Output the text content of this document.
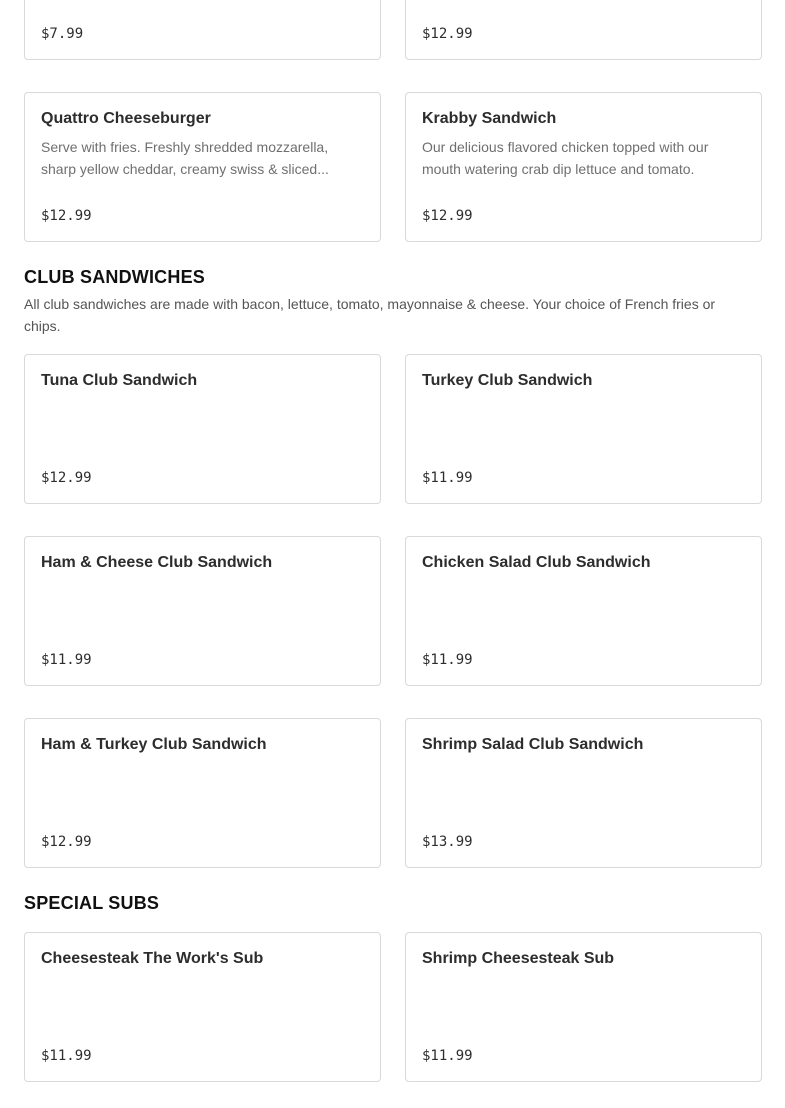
$7.99	$12.99
Quattro Cheeseburger

Serve with fries. Freshly shredded mozzarella, sharp yellow cheddar, creamy swiss & sliced...

$12.99
Krabby Sandwich

Our delicious flavored chicken topped with our mouth watering crab dip lettuce and tomato.

$12.99
CLUB SANDWICHES

All club sandwiches are made with bacon, lettuce, tomato, mayonnaise & cheese. Your choice of French fries or chips.

Tuna Club Sandwich
$12.99
Turkey Club Sandwich
$11.99
Ham & Cheese Club Sandwich
$11.99
Chicken Salad Club Sandwich
$11.99
Ham & Turkey Club Sandwich
$12.99
Shrimp Salad Club Sandwich
$13.99
SPECIAL SUBS
Cheesesteak The Work's Sub
$11.99
Shrimp Cheesesteak Sub
$11.99
